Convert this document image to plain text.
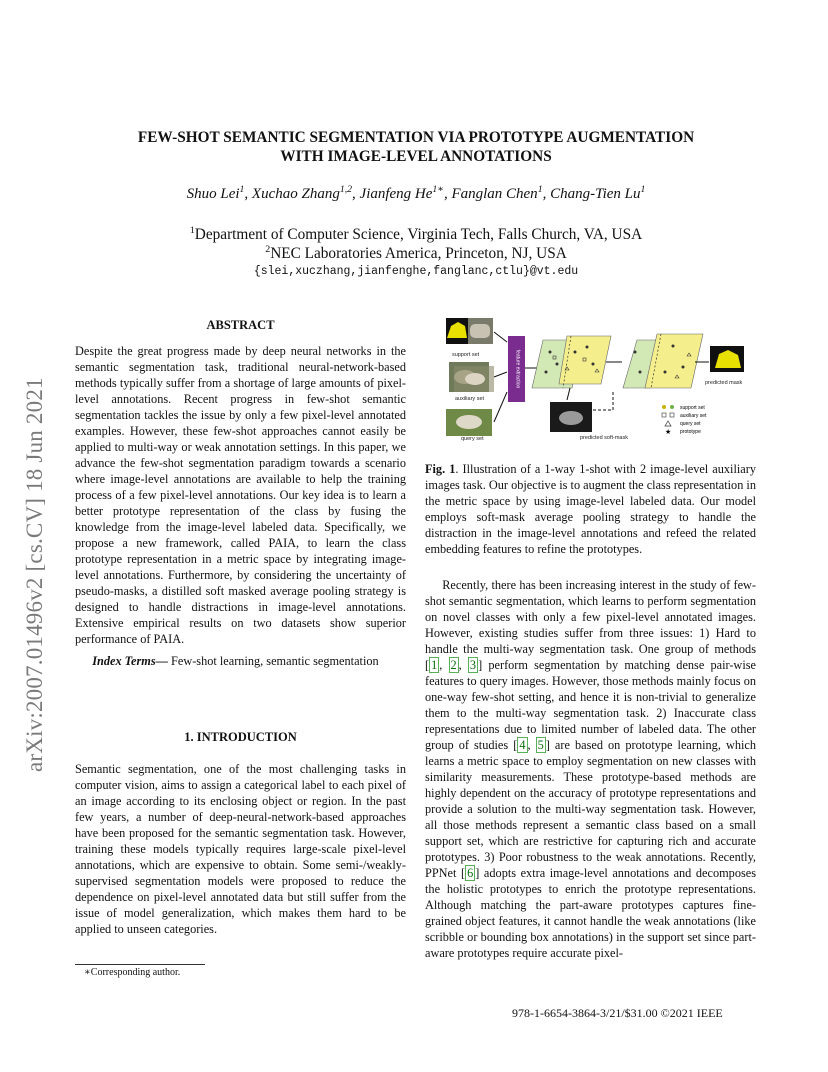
arXiv:2007.01496v2 [cs.CV] 18 Jun 2021
FEW-SHOT SEMANTIC SEGMENTATION VIA PROTOTYPE AUGMENTATION
WITH IMAGE-LEVEL ANNOTATIONS
Shuo Lei$^1$, Xuchao Zhang$^{1,2}$, Jianfeng $He^{1∗}$, Fanglan Chen$^1$, Chang-Tien Lu$^1$
$^1$Department of Computer Science, Virginia Tech, Falls Church, VA, USA
$^2$NEC Laboratories America, Princeton, NJ, USA
{slei,xuczhang,jianfenghe,fanglanc,ctlu}@vt.edu
ABSTRACT

Despite the great progress made by deep neural networks in the semantic segmentation task, traditional neural-network-based methods typically suffer from a shortage of large amounts of pixel-level annotations. Recent progress in few-shot semantic segmentation tackles the issue by only a few pixel-level annotated examples. However, these few-shot approaches cannot easily be applied to multi-way or weak annotation settings. In this paper, we advance the few-shot segmentation paradigm towards a scenario where image-level annotations are available to help the training process of a few pixel-level annotations. Our key idea is to learn a better prototype representation of the class by fusing the knowledge from the image-level labeled data. Specifically, we propose a new framework, called PAIA, to learn the class prototype representation in a metric space by integrating image-level annotations. Furthermore, by considering the uncertainty of pseudo-masks, a distilled soft masked average pooling strategy is designed to handle distractions in image-level annotations. Extensive empirical results on two datasets show superior performance of PAIA.

Index Terms— Few-shot learning, semantic segmentation

1. INTRODUCTION

Semantic segmentation, one of the most challenging tasks in computer vision, aims to assign a categorical label to each pixel of an image according to its enclosing object or region. In the past few years, a number of deep-neural-network-based approaches have been proposed for the semantic segmentation task. However, training these models typically requires large-scale pixel-level annotations, which are expensive to obtain. Some semi-/weakly-supervised segmentation models were proposed to reduce the dependence on pixel-level annotated data but still suffer from the issue of model generalization, which makes them hard to be applied to unseen categories.

∗Corresponding author.
support set
auxiliary set
query set
feature extraction	predicted mask
predicted soft-mask
support set
auxiliary set
query set
★ prototype
Fig. 1. Illustration of a 1-way 1-shot with 2 image-level auxiliary images task. Our objective is to augment the class representation in the metric space by using image-level labeled data. Our model employs soft-mask average pooling strategy to handle the distraction in the image-level annotations and refeed the related embedding features to refine the prototypes.

Recently, there has been increasing interest in the study of few-shot semantic segmentation, which learns to perform segmentation on novel classes with only a few pixel-level annotated images. However, existing studies suffer from three issues: 1) Hard to handle the multi-way segmentation task. One group of methods [ 1 , 2 , 3 ] perform segmentation by matching dense pair-wise features to query images. However, those methods mainly focus on one-way few-shot setting, and hence it is non-trivial to generalize them to the multi-way segmentation task. 2) Inaccurate class representations due to limited number of labeled data. The other group of studies [ 4 , 5 ] are based on prototype learning, which learns a metric space to employ segmentation on new classes with similarity measurements. These prototype-based methods are highly dependent on the accuracy of prototype representations and provide a solution to the multi-way segmentation task. However, all those methods represent a semantic class based on a small support set, which are restrictive for capturing rich and accurate prototypes. 3) Poor robustness to the weak annotations. Recently, PPNet [ 6 ] adopts extra image-level annotations and decomposes the holistic prototypes to enrich the prototype representations. Although matching the part-aware prototypes captures fine-grained object features, it cannot handle the weak annotations (like scribble or bounding box annotations) in the support set since part-aware prototypes require accurate pixel-

978-1-6654-3864-3/21/$31.00 ©2021 IEEE
